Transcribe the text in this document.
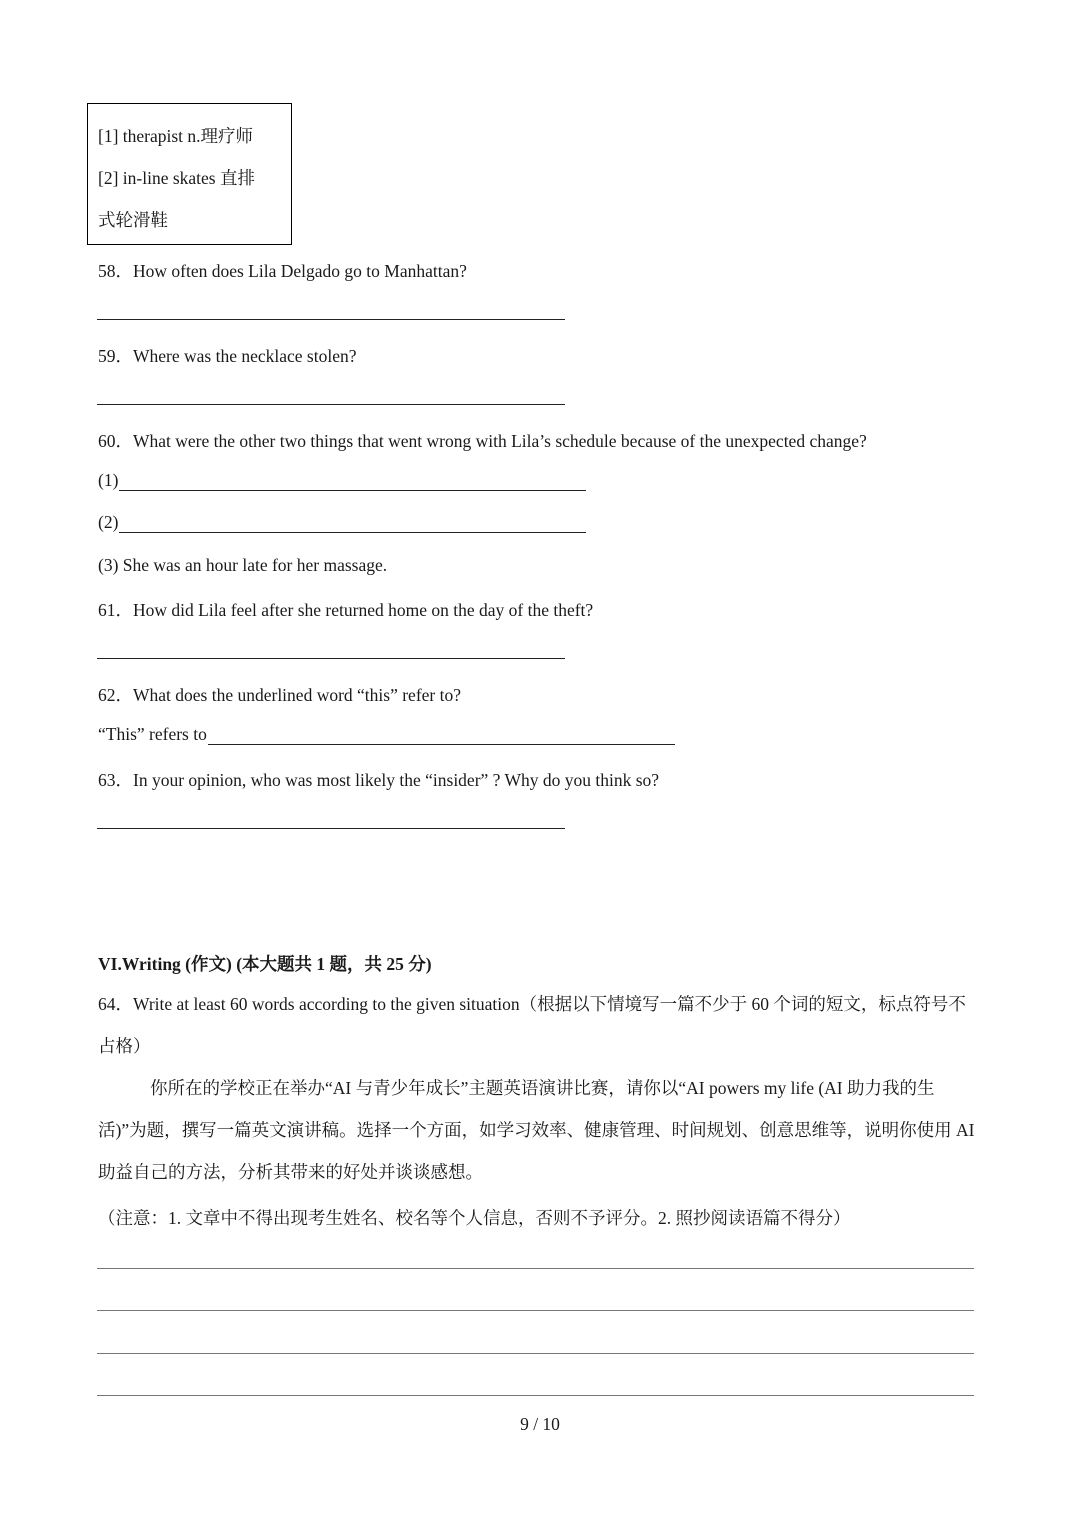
[1] therapist n.理疗师
[2] in-line skates 直排
式轮滑鞋
58．How often does Lila Delgado go to Manhattan?
59．Where was the necklace stolen?
60．What were the other two things that went wrong with Lila’s schedule because of the unexpected change?
(1)
(2)
(3) She was an hour late for her massage.
61．How did Lila feel after she returned home on the day of the theft?
62．What does the underlined word “this” refer to?
“This” refers to
63．In your opinion, who was most likely the “insider” ? Why do you think so?
VI.Writing (作文) (本大题共 1 题，共 25 分)
64．Write at least 60 words according to the given situation（根据以下情境写一篇不少于 60 个词的短文，标点符号不占格）
你所在的学校正在举办“AI 与青少年成长”主题英语演讲比赛，请你以“AI powers my life (AI 助力我的生活)”为题，撰写一篇英文演讲稿。选择一个方面，如学习效率、健康管理、时间规划、创意思维等，说明你使用 AI 助益自己的方法，分析其带来的好处并谈谈感想。
（注意：1. 文章中不得出现考生姓名、校名等个人信息，否则不予评分。2. 照抄阅读语篇不得分）
9 / 10
